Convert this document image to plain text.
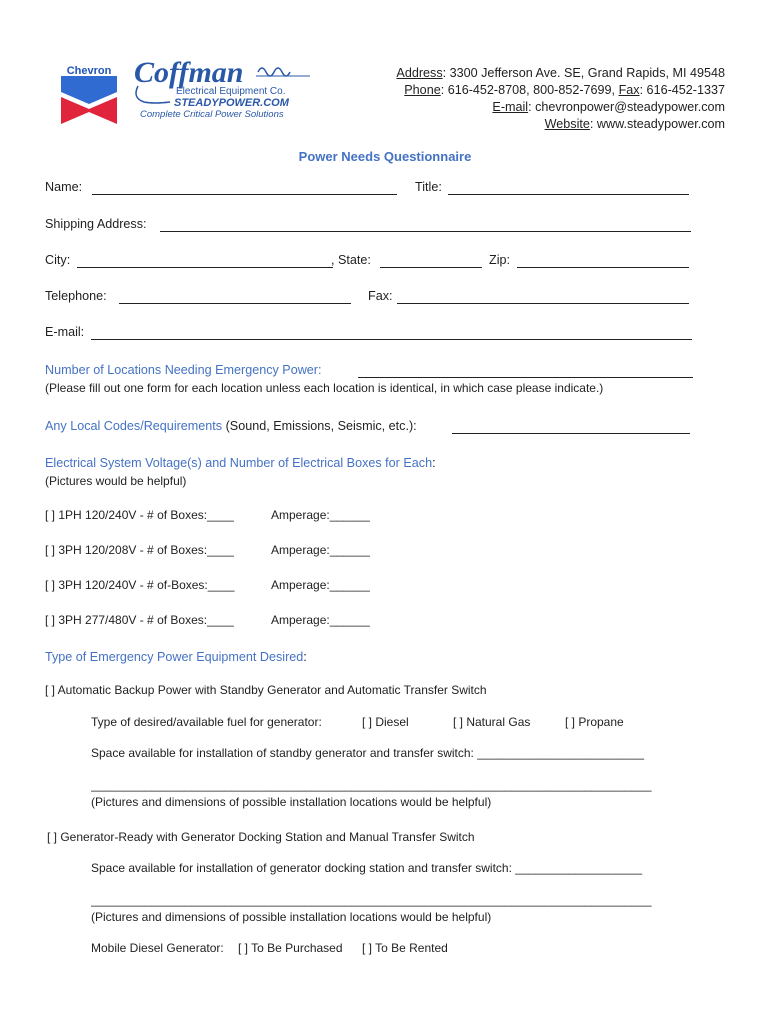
Chevron Coffman
Electrical Equipment Co.
STEADYPOWER.COM
Complete Critical Power Solutions
Address: 3300 Jefferson Ave. SE, Grand Rapids, MI 49548
Phone: 616-452-8708, 800-852-7699, Fax: 616-452-1337
E-mail: chevronpower@steadypower.com
Website: www.steadypower.com
Power Needs Questionnaire
Name:	Title:
Shipping Address:
City:	, State:	Zip:
Telephone:	Fax:
E-mail:
Number of Locations Needing Emergency Power:
(Please fill out one form for each location unless each location is identical, in which case please indicate.)
Any Local Codes/Requirements (Sound, Emissions, Seismic, etc.):
Electrical System Voltage(s) and Number of Electrical Boxes for Each:
(Pictures would be helpful)
[ ] 1PH 120/240V - # of Boxes:____	Amperage:______
[ ] 3PH 120/208V - # of Boxes:____	Amperage:______
[ ] 3PH 120/240V - # of-Boxes:____	Amperage:______
[ ] 3PH 277/480V - # of Boxes:____	Amperage:______
Type of Emergency Power Equipment Desired:
[ ] Automatic Backup Power with Standby Generator and Automatic Transfer Switch
Type of desired/available fuel for generator:	[ ] Diesel	[ ] Natural Gas	[ ] Propane
Space available for installation of standby generator and transfer switch: _________________________
____________________________________________________________________________________
(Pictures and dimensions of possible installation locations would be helpful)
[ ] Generator-Ready with Generator Docking Station and Manual Transfer Switch
Space available for installation of generator docking station and transfer switch: ___________________
____________________________________________________________________________________
(Pictures and dimensions of possible installation locations would be helpful)
Mobile Diesel Generator: [ ] To Be Purchased [ ] To Be Rented
